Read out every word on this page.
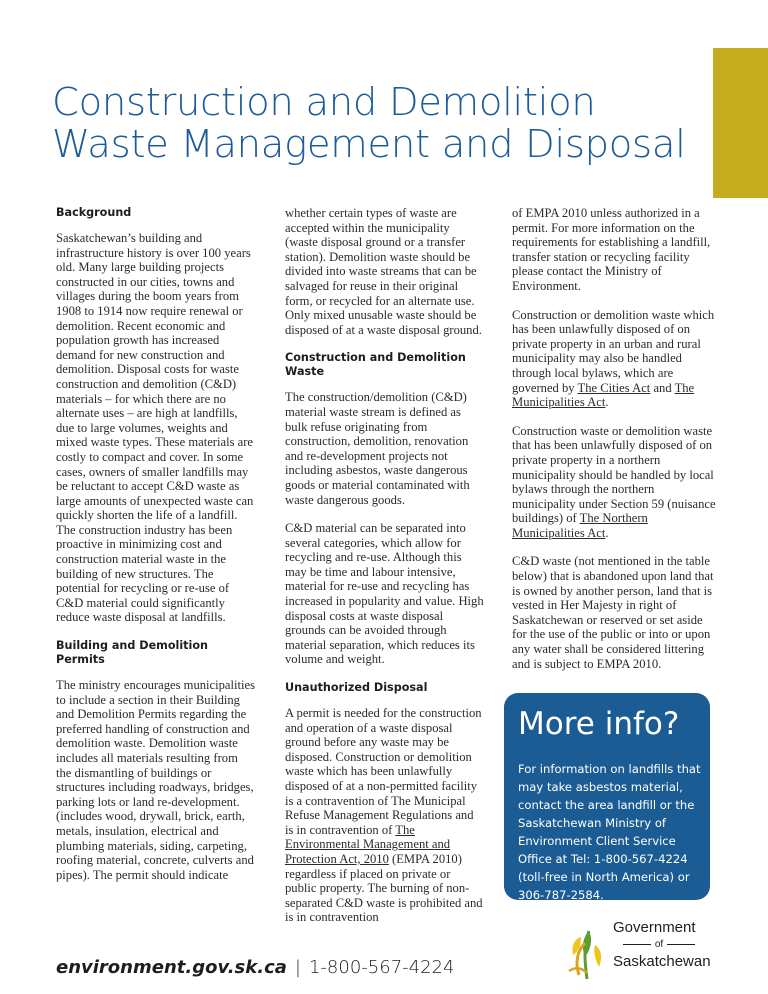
Construction and Demolition
Waste Management and Disposal
Background

Saskatchewan’s building and infrastructure history is over 100 years old. Many large building projects constructed in our cities, towns and villages during the boom years from 1908 to 1914 now require renewal or demolition. Recent economic and population growth has increased demand for new construction and demolition. Disposal costs for waste construction and demolition (C&D) materials – for which there are no alternate uses – are high at landfills, due to large volumes, weights and mixed waste types. These materials are costly to compact and cover. In some cases, owners of smaller landfills may be reluctant to accept C&D waste as large amounts of unexpected waste can quickly shorten the life of a landfill. The construction industry has been proactive in minimizing cost and construction material waste in the building of new structures. The potential for recycling or re-use of C&D material could significantly reduce waste disposal at landfills.

Building and Demolition Permits

The ministry encourages municipalities to include a section in their Building and Demolition Permits regarding the preferred handling of construction and demolition waste. Demolition waste includes all materials resulting from the dismantling of buildings or structures including roadways, bridges, parking lots or land re-development. (includes wood, drywall, brick, earth, metals, insulation, electrical and plumbing materials, siding, carpeting, roofing material, concrete, culverts and pipes). The permit should indicate

whether certain types of waste are accepted within the municipality (waste disposal ground or a transfer station). Demolition waste should be divided into waste streams that can be salvaged for reuse in their original form, or recycled for an alternate use. Only mixed unusable waste should be disposed of at a waste disposal ground.

Construction and Demolition Waste

The construction/demolition (C&D) material waste stream is defined as bulk refuse originating from construction, demolition, renovation and re-development projects not including asbestos, waste dangerous goods or material contaminated with waste dangerous goods.

C&D material can be separated into several categories, which allow for recycling and re-use. Although this may be time and labour intensive, material for re-use and recycling has increased in popularity and value. High disposal costs at waste disposal grounds can be avoided through material separation, which reduces its volume and weight.

Unauthorized Disposal

A permit is needed for the construction and operation of a waste disposal ground before any waste may be disposed. Construction or demolition waste which has been unlawfully disposed of at a non-permitted facility is a contravention of The Municipal Refuse Management Regulations and is in contravention of The Environmental Management and Protection Act, 2010 (EMPA 2010) regardless if placed on private or public property. The burning of non-separated C&D waste is prohibited and is in contravention

of EMPA 2010 unless authorized in a permit. For more information on the requirements for establishing a landfill, transfer station or recycling facility please contact the Ministry of Environment.

Construction or demolition waste which has been unlawfully disposed of on private property in an urban and rural municipality may also be handled through local bylaws, which are governed by The Cities Act and The Municipalities Act.

Construction waste or demolition waste that has been unlawfully disposed of on private property in a northern municipality should be handled by local bylaws through the northern municipality under Section 59 (nuisance buildings) of The Northern Municipalities Act.

C&D waste (not mentioned in the table below) that is abandoned upon land that is owned by another person, land that is vested in Her Majesty in right of Saskatchewan or reserved or set aside for the use of the public or into or upon any water shall be considered littering and is subject to EMPA 2010.

More info?
For information on landfills that may take asbestos material, contact the area landfill or the Saskatchewan Ministry of Environment Client Service Office at Tel: 1-800-567-4224 (toll-free in North America) or 306-787-2584.
environment.gov.sk.ca | 1-800-567-4224
Government
of
Saskatchewan
